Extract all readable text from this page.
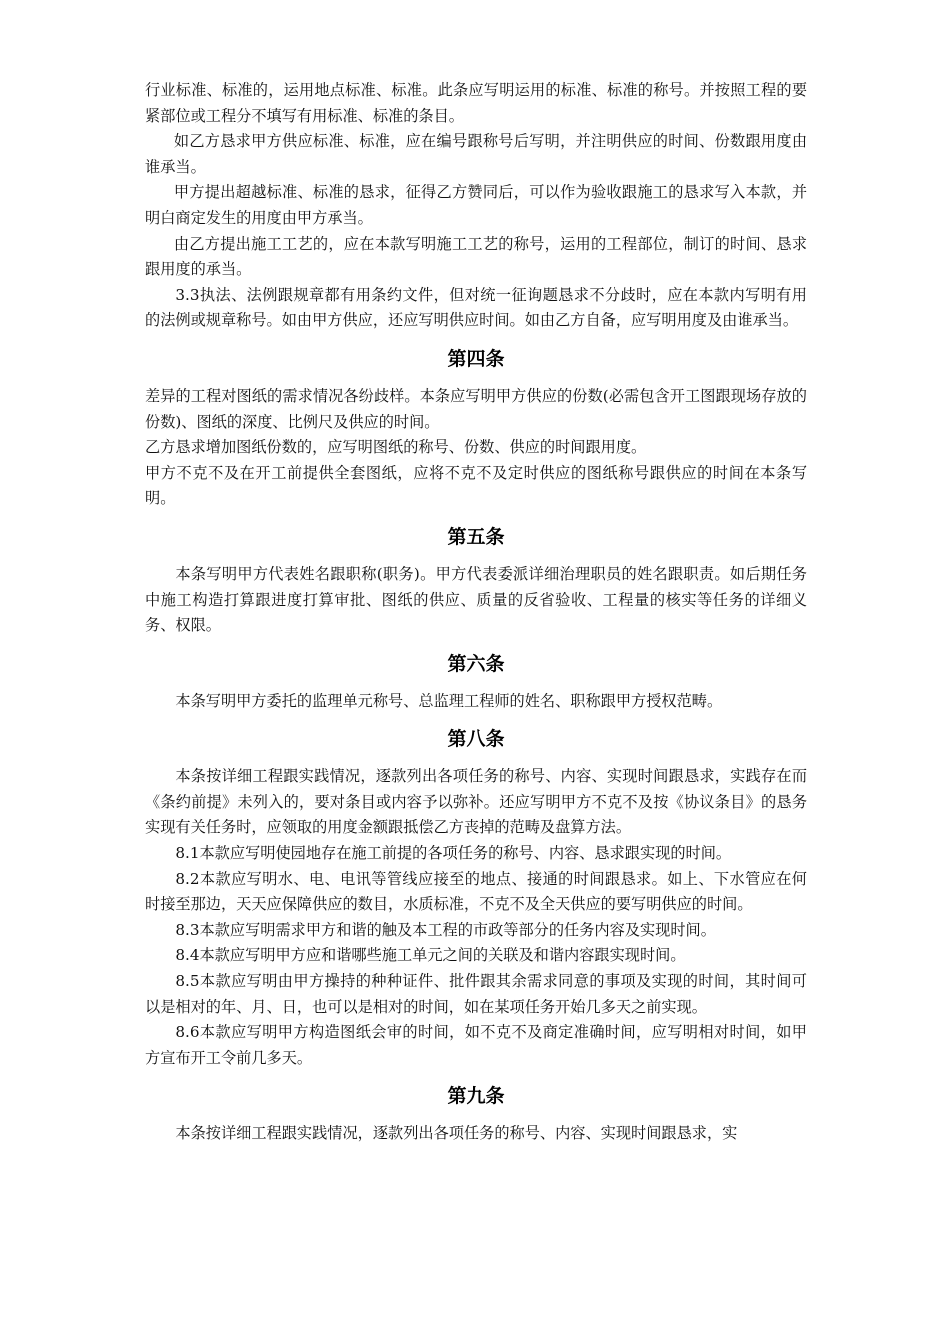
行业标准、标准的，运用地点标准、标准。此条应写明运用的标准、标准的称号。并按照工程的要紧部位或工程分不填写有用标准、标准的条目。

如乙方恳求甲方供应标准、标准，应在编号跟称号后写明，并注明供应的时间、份数跟用度由谁承当。

甲方提出超越标准、标准的恳求，征得乙方赞同后，可以作为验收跟施工的恳求写入本款，并明白商定发生的用度由甲方承当。

由乙方提出施工工艺的，应在本款写明施工工艺的称号，运用的工程部位，制订的时间、恳求跟用度的承当。

3.3执法、法例跟规章都有用条约文件，但对统一征询题恳求不分歧时，应在本款内写明有用的法例或规章称号。如由甲方供应，还应写明供应时间。如由乙方自备，应写明用度及由谁承当。

第四条

差异的工程对图纸的需求情况各纷歧样。本条应写明甲方供应的份数(必需包含开工图跟现场存放的份数)、图纸的深度、比例尺及供应的时间。

乙方恳求增加图纸份数的，应写明图纸的称号、份数、供应的时间跟用度。

甲方不克不及在开工前提供全套图纸，应将不克不及定时供应的图纸称号跟供应的时间在本条写明。

第五条

本条写明甲方代表姓名跟职称(职务)。甲方代表委派详细治理职员的姓名跟职责。如后期任务中施工构造打算跟进度打算审批、图纸的供应、质量的反省验收、工程量的核实等任务的详细义务、权限。

第六条

本条写明甲方委托的监理单元称号、总监理工程师的姓名、职称跟甲方授权范畴。

第八条

本条按详细工程跟实践情况，逐款列出各项任务的称号、内容、实现时间跟恳求，实践存在而《条约前提》未列入的，要对条目或内容予以弥补。还应写明甲方不克不及按《协议条目》的恳务实现有关任务时，应领取的用度金额跟抵偿乙方丧掉的范畴及盘算方法。

8.1本款应写明使园地存在施工前提的各项任务的称号、内容、恳求跟实现的时间。

8.2本款应写明水、电、电讯等管线应接至的地点、接通的时间跟恳求。如上、下水管应在何时接至那边，天天应保障供应的数目，水质标准，不克不及全天供应的要写明供应的时间。

8.3本款应写明需求甲方和谐的触及本工程的市政等部分的任务内容及实现时间。

8.4本款应写明甲方应和谐哪些施工单元之间的关联及和谐内容跟实现时间。

8.5本款应写明由甲方操持的种种证件、批件跟其余需求同意的事项及实现的时间，其时间可以是相对的年、月、日，也可以是相对的时间，如在某项任务开始几多天之前实现。

8.6本款应写明甲方构造图纸会审的时间，如不克不及商定准确时间，应写明相对时间，如甲方宣布开工令前几多天。

第九条

本条按详细工程跟实践情况，逐款列出各项任务的称号、内容、实现时间跟恳求，实
